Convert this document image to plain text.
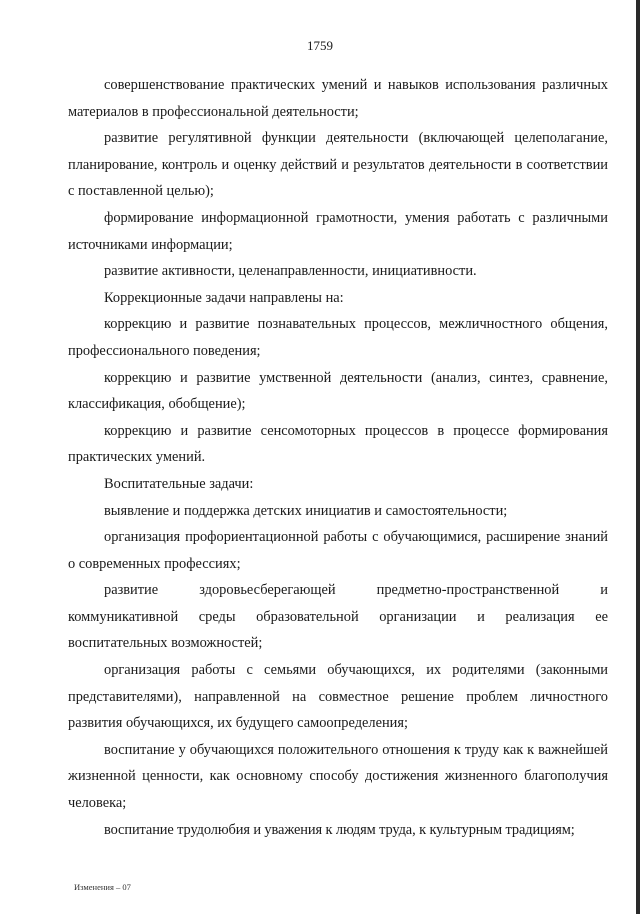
1759

совершенствование практических умений и навыков использования различных материалов в профессиональной деятельности;

развитие регулятивной функции деятельности (включающей целеполагание, планирование, контроль и оценку действий и результатов деятельности в соответствии с поставленной целью);

формирование информационной грамотности, умения работать с различными источниками информации;

развитие активности, целенаправленности, инициативности.

Коррекционные задачи направлены на:

коррекцию и развитие познавательных процессов, межличностного общения, профессионального поведения;

коррекцию и развитие умственной деятельности (анализ, синтез, сравнение, классификация, обобщение);

коррекцию и развитие сенсомоторных процессов в процессе формирования практических умений.

Воспитательные задачи:

выявление и поддержка детских инициатив и самостоятельности;

организация профориентационной работы с обучающимися, расширение знаний о современных профессиях;

развитие здоровьесберегающей предметно-пространственной и коммуникативной среды образовательной организации и реализация ее воспитательных возможностей;

организация работы с семьями обучающихся, их родителями (законными представителями), направленной на совместное решение проблем личностного развития обучающихся, их будущего самоопределения;

воспитание у обучающихся положительного отношения к труду как к важнейшей жизненной ценности, как основному способу достижения жизненного благополучия человека;

воспитание трудолюбия и уважения к людям труда, к культурным традициям;

Изменения – 07
